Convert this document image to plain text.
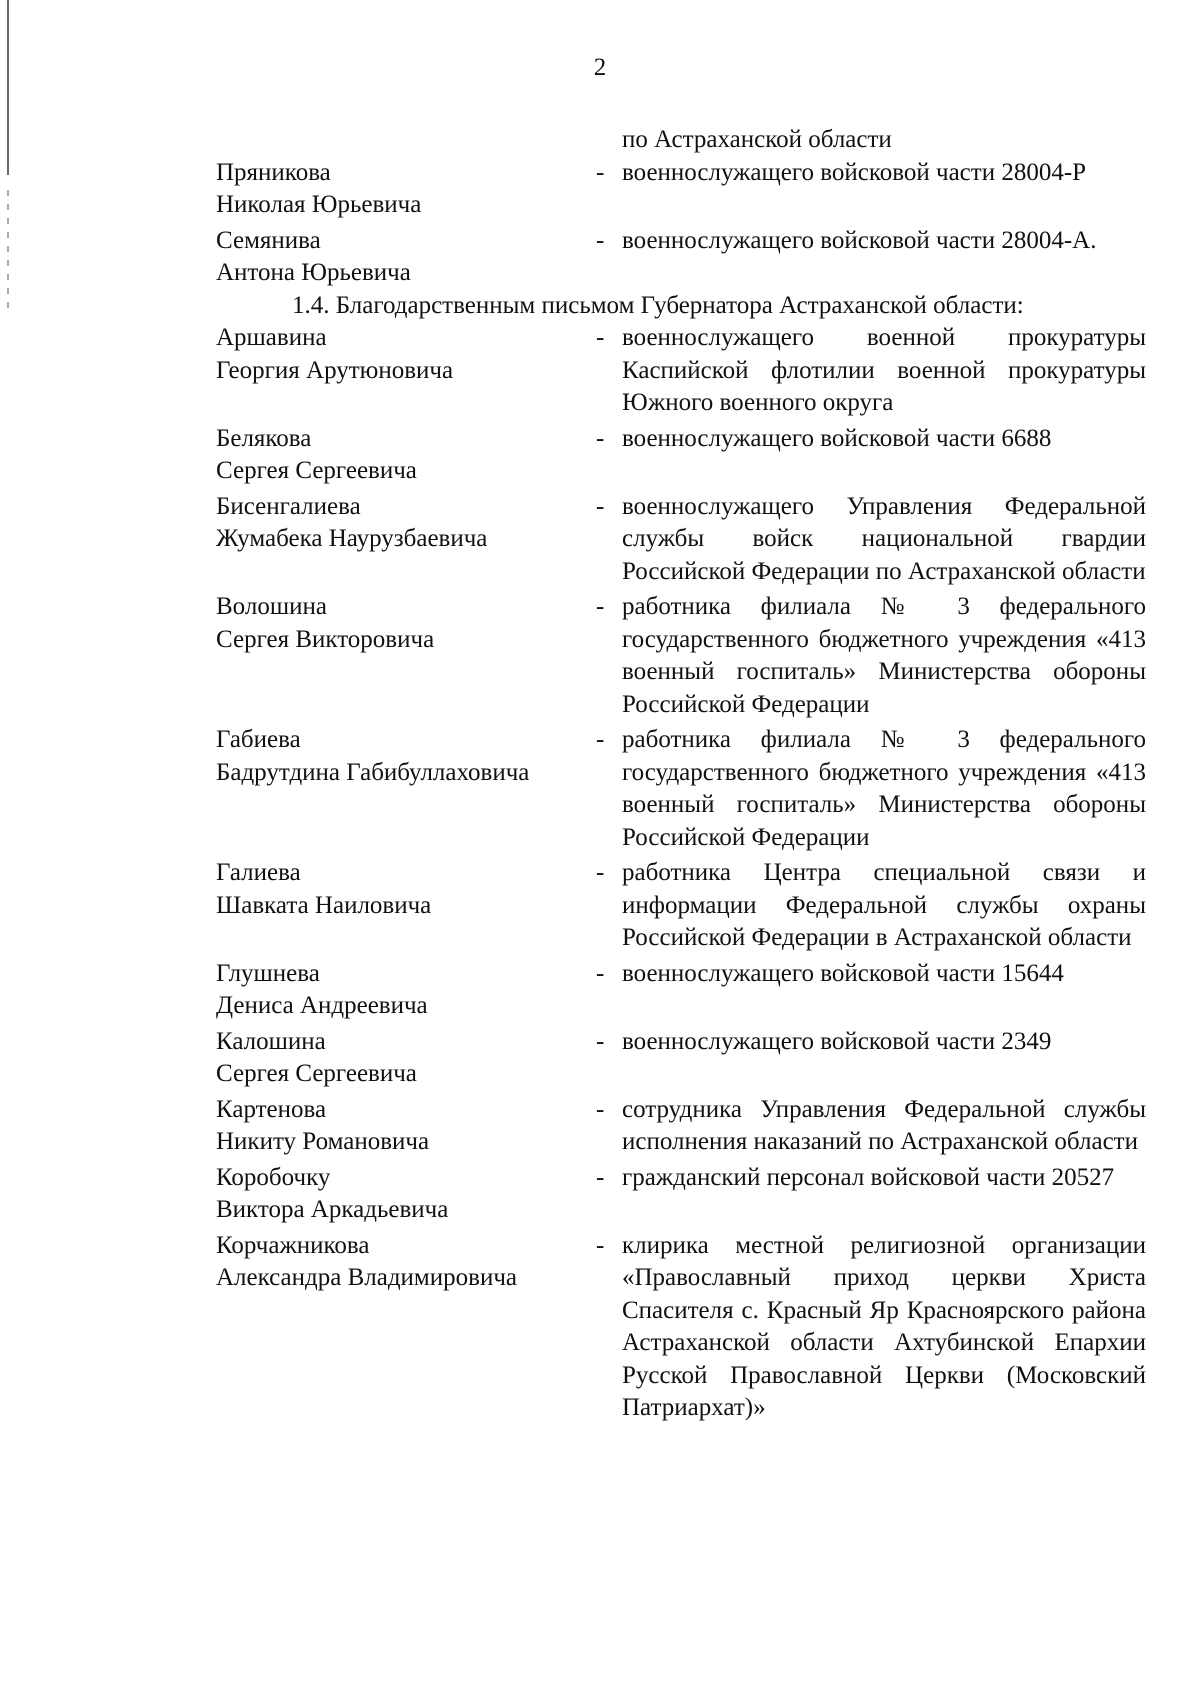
2
по Астраханской области
Пряникова
Николая Юрьевича
- военнослужащего войсковой части 28004-Р
Семянива
Антона Юрьевича
- военнослужащего войсковой части 28004-А.
1.4. Благодарственным письмом Губернатора Астраханской области:
Аршавина
Георгия Арутюновича
- военнослужащего военной прокуратуры Каспийской флотилии военной прокуратуры Южного военного округа
Белякова
Сергея Сергеевича
- военнослужащего войсковой части 6688
Бисенгалиева
Жумабека Наурузбаевича
- военнослужащего Управления Федеральной службы войск национальной гвардии Российской Федерации по Астраханской области
Волошина
Сергея Викторовича
- работника филиала № 3 федерального государственного бюджетного учреждения «413 военный госпиталь» Министерства обороны Российской Федерации
Габиева
Бадрутдина Габибуллаховича
- работника филиала № 3 федерального государственного бюджетного учреждения «413 военный госпиталь» Министерства обороны Российской Федерации
Галиева
Шавката Наиловича
- работника Центра специальной связи и информации Федеральной службы охраны Российской Федерации в Астраханской области
Глушнева
Дениса Андреевича
- военнослужащего войсковой части 15644
Калошина
Сергея Сергеевича
- военнослужащего войсковой части 2349
Картенова
Никиту Романовича
- сотрудника Управления Федеральной службы исполнения наказаний по Астраханской области
Коробочку
Виктора Аркадьевича
- гражданский персонал войсковой части 20527
Корчажникова
Александра Владимировича
- клирика местной религиозной организации «Православный приход церкви Христа Спасителя с. Красный Яр Красноярского района Астраханской области Ахтубинской Епархии Русской Православной Церкви (Московский Патриархат)»
